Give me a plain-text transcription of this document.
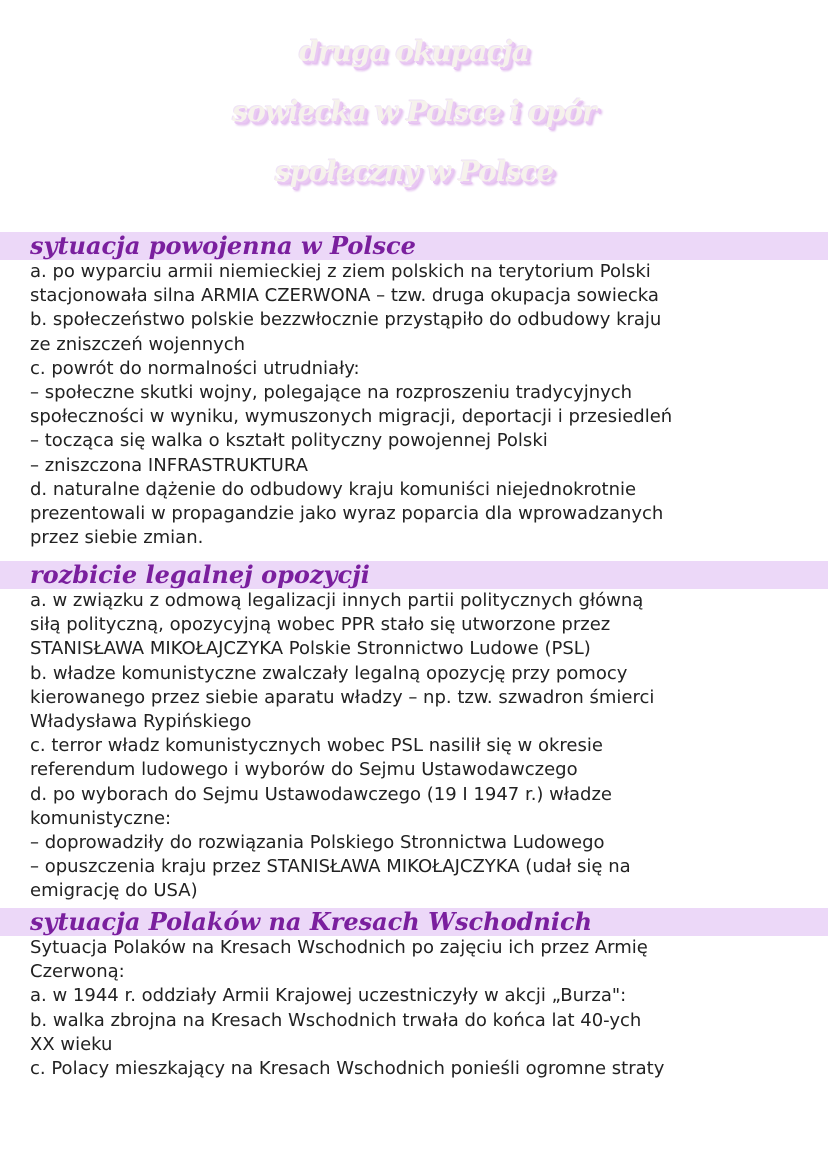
druga okupacja
sowiecka w Polsce i opór
społeczny w Polsce
sytuacja powojenna w Polsce
a. po wyparciu armii niemieckiej z ziem polskich na terytorium Polski
stacjonowała silna ARMIA CZERWONA – tzw. druga okupacja sowiecka
b. społeczeństwo polskie bezzwłocznie przystąpiło do odbudowy kraju
ze zniszczeń wojennych
c. powrót do normalności utrudniały:
– społeczne skutki wojny, polegające na rozproszeniu tradycyjnych
społeczności w wyniku, wymuszonych migracji, deportacji i przesiedleń
– tocząca się walka o kształt polityczny powojennej Polski
– zniszczona INFRASTRUKTURA
d. naturalne dążenie do odbudowy kraju komuniści niejednokrotnie
prezentowali w propagandzie jako wyraz poparcia dla wprowadzanych
przez siebie zmian.
rozbicie legalnej opozycji
a. w związku z odmową legalizacji innych partii politycznych główną
siłą polityczną, opozycyjną wobec PPR stało się utworzone przez
STANISŁAWA MIKOŁAJCZYKA Polskie Stronnictwo Ludowe (PSL)
b. władze komunistyczne zwalczały legalną opozycję przy pomocy
kierowanego przez siebie aparatu władzy – np. tzw. szwadron śmierci
Władysława Rypińskiego
c. terror władz komunistycznych wobec PSL nasilił się w okresie
referendum ludowego i wyborów do Sejmu Ustawodawczego
d. po wyborach do Sejmu Ustawodawczego (19 I 1947 r.) władze
komunistyczne:
– doprowadziły do rozwiązania Polskiego Stronnictwa Ludowego
– opuszczenia kraju przez STANISŁAWA MIKOŁAJCZYKA (udał się na
emigrację do USA)
sytuacja Polaków na Kresach Wschodnich
Sytuacja Polaków na Kresach Wschodnich po zajęciu ich przez Armię
Czerwoną:
a. w 1944 r. oddziały Armii Krajowej uczestniczyły w akcji „Burza":
b. walka zbrojna na Kresach Wschodnich trwała do końca lat 40-ych
XX wieku
c. Polacy mieszkający na Kresach Wschodnich ponieśli ogromne straty
